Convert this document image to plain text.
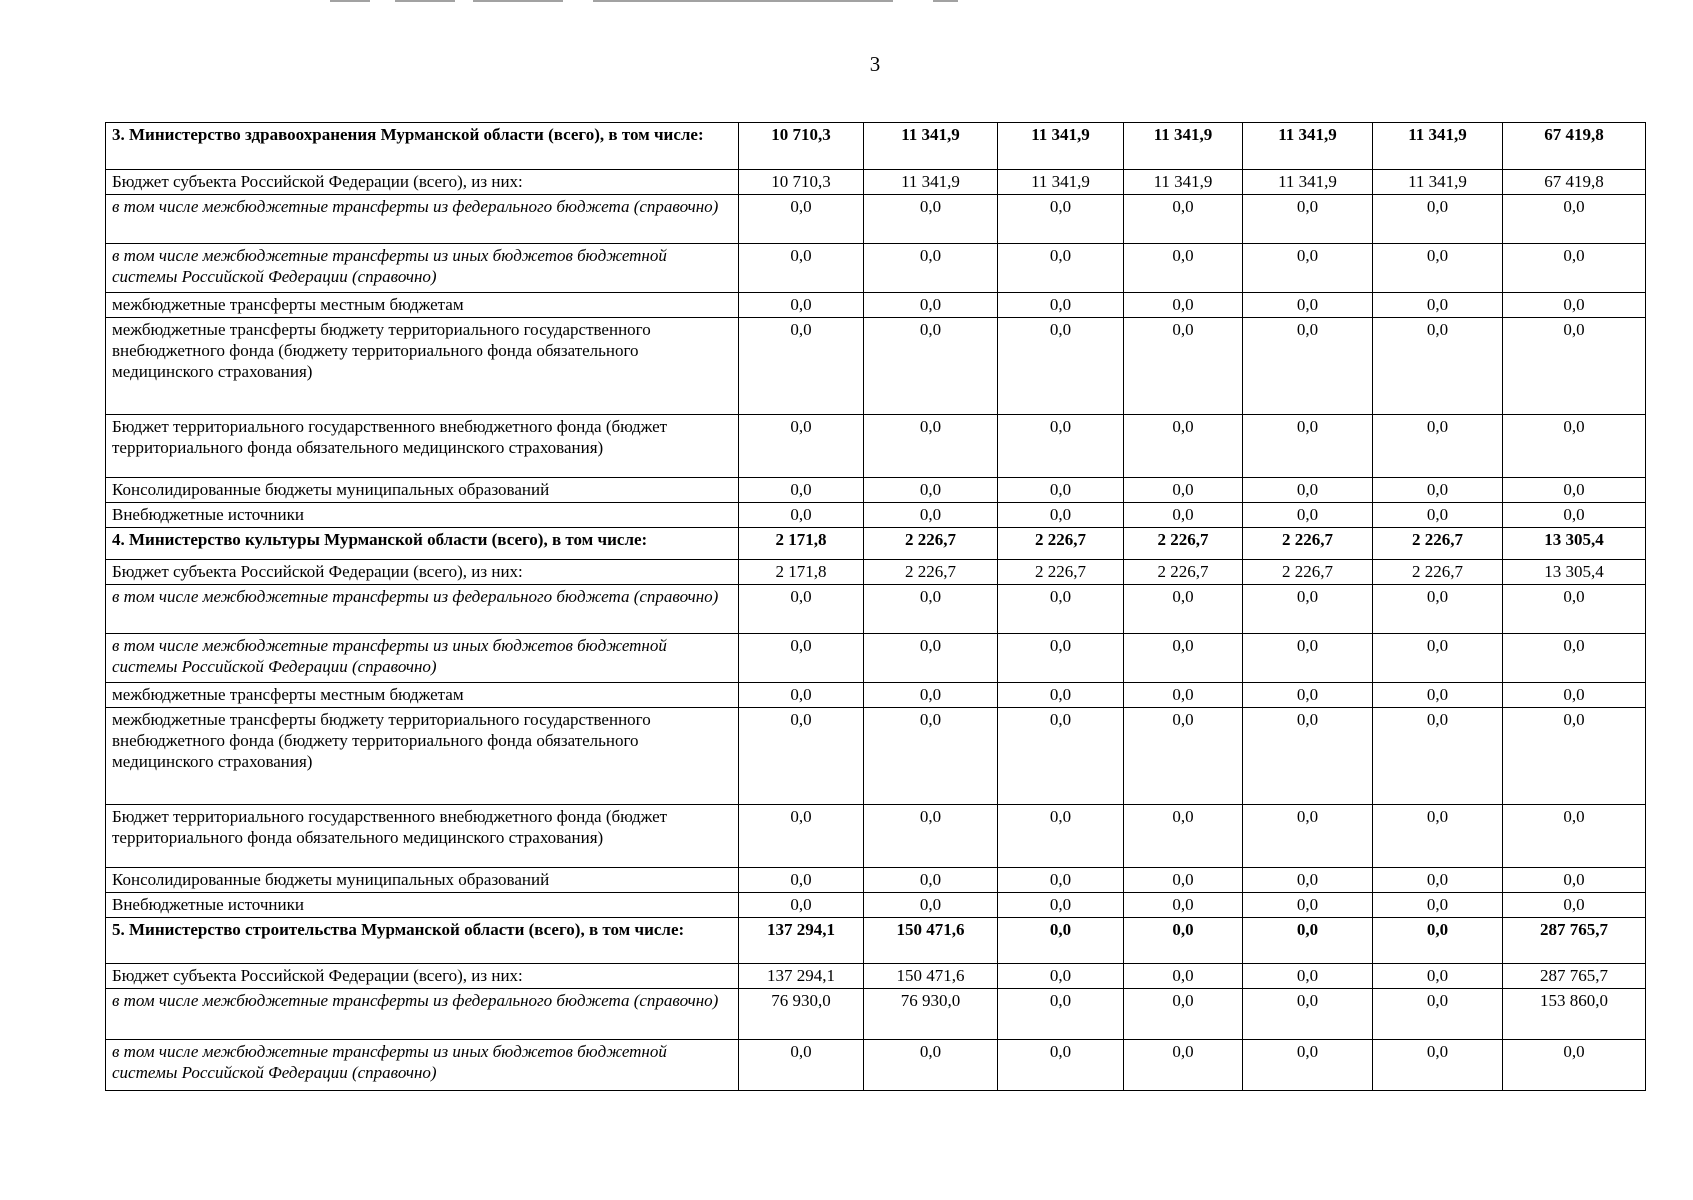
3
3. Министерство здравоохранения Мурманской области (всего), в том числе:	10 710,3	11 341,9	11 341,9	11 341,9	11 341,9	11 341,9	67 419,8
Бюджет субъекта Российской Федерации (всего), из них:	10 710,3	11 341,9	11 341,9	11 341,9	11 341,9	11 341,9	67 419,8
в том числе межбюджетные трансферты из федерального бюджета (справочно)	0,0	0,0	0,0	0,0	0,0	0,0	0,0
в том числе межбюджетные трансферты из иных бюджетов бюджетной системы Российской Федерации (справочно)	0,0	0,0	0,0	0,0	0,0	0,0	0,0
межбюджетные трансферты местным бюджетам	0,0	0,0	0,0	0,0	0,0	0,0	0,0
межбюджетные трансферты бюджету территориального государственного внебюджетного фонда (бюджету территориального фонда обязательного медицинского страхования)	0,0	0,0	0,0	0,0	0,0	0,0	0,0
Бюджет территориального государственного внебюджетного фонда (бюджет территориального фонда обязательного медицинского страхования)	0,0	0,0	0,0	0,0	0,0	0,0	0,0
Консолидированные бюджеты муниципальных образований	0,0	0,0	0,0	0,0	0,0	0,0	0,0
Внебюджетные источники	0,0	0,0	0,0	0,0	0,0	0,0	0,0
4. Министерство культуры Мурманской области (всего), в том числе:	2 171,8	2 226,7	2 226,7	2 226,7	2 226,7	2 226,7	13 305,4
Бюджет субъекта Российской Федерации (всего), из них:	2 171,8	2 226,7	2 226,7	2 226,7	2 226,7	2 226,7	13 305,4
в том числе межбюджетные трансферты из федерального бюджета (справочно)	0,0	0,0	0,0	0,0	0,0	0,0	0,0
в том числе межбюджетные трансферты из иных бюджетов бюджетной системы Российской Федерации (справочно)	0,0	0,0	0,0	0,0	0,0	0,0	0,0
межбюджетные трансферты местным бюджетам	0,0	0,0	0,0	0,0	0,0	0,0	0,0
межбюджетные трансферты бюджету территориального государственного внебюджетного фонда (бюджету территориального фонда обязательного медицинского страхования)	0,0	0,0	0,0	0,0	0,0	0,0	0,0
Бюджет территориального государственного внебюджетного фонда (бюджет территориального фонда обязательного медицинского страхования)	0,0	0,0	0,0	0,0	0,0	0,0	0,0
Консолидированные бюджеты муниципальных образований	0,0	0,0	0,0	0,0	0,0	0,0	0,0
Внебюджетные источники	0,0	0,0	0,0	0,0	0,0	0,0	0,0
5. Министерство строительства Мурманской области (всего), в том числе:	137 294,1	150 471,6	0,0	0,0	0,0	0,0	287 765,7
Бюджет субъекта Российской Федерации (всего), из них:	137 294,1	150 471,6	0,0	0,0	0,0	0,0	287 765,7
в том числе межбюджетные трансферты из федерального бюджета (справочно)	76 930,0	76 930,0	0,0	0,0	0,0	0,0	153 860,0
в том числе межбюджетные трансферты из иных бюджетов бюджетной системы Российской Федерации (справочно)	0,0	0,0	0,0	0,0	0,0	0,0	0,0
